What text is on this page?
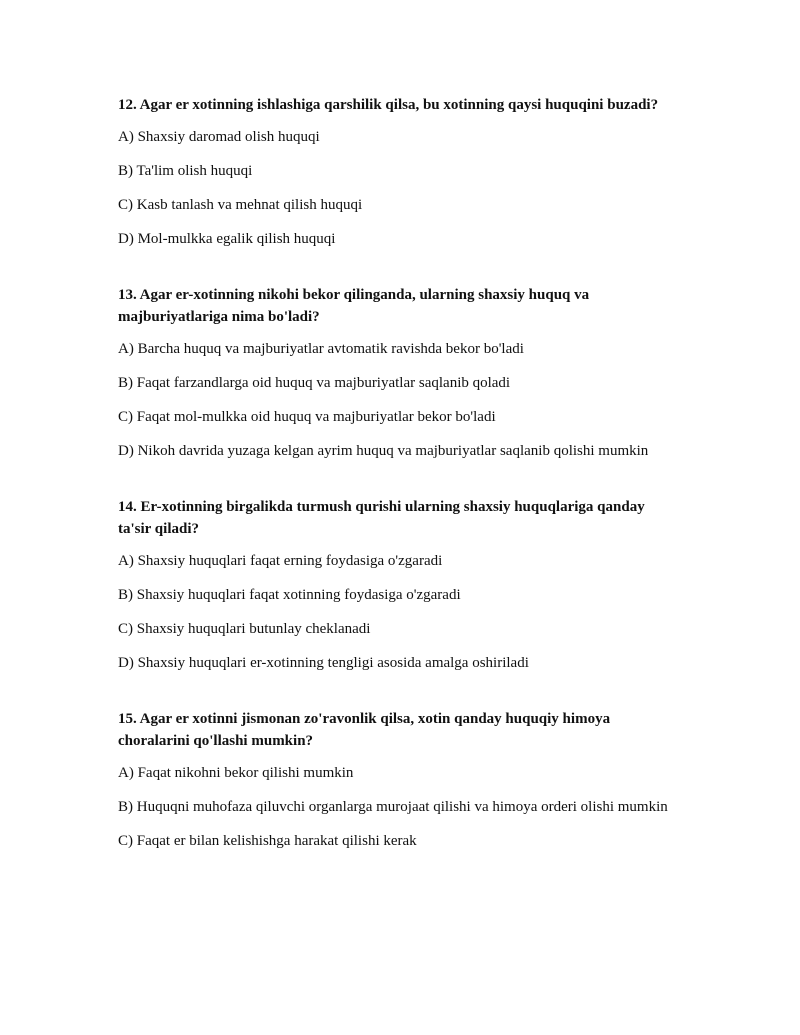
12. Agar er xotinning ishlashiga qarshilik qilsa, bu xotinning qaysi huquqini buzadi?

A) Shaxsiy daromad olish huquqi

B) Ta'lim olish huquqi

C) Kasb tanlash va mehnat qilish huquqi

D) Mol-mulkka egalik qilish huquqi

13. Agar er-xotinning nikohi bekor qilinganda, ularning shaxsiy huquq va majburiyatlariga nima bo'ladi?

A) Barcha huquq va majburiyatlar avtomatik ravishda bekor bo'ladi

B) Faqat farzandlarga oid huquq va majburiyatlar saqlanib qoladi

C) Faqat mol-mulkka oid huquq va majburiyatlar bekor bo'ladi

D) Nikoh davrida yuzaga kelgan ayrim huquq va majburiyatlar saqlanib qolishi mumkin

14. Er-xotinning birgalikda turmush qurishi ularning shaxsiy huquqlariga qanday ta'sir qiladi?

A) Shaxsiy huquqlari faqat erning foydasiga o'zgaradi

B) Shaxsiy huquqlari faqat xotinning foydasiga o'zgaradi

C) Shaxsiy huquqlari butunlay cheklanadi

D) Shaxsiy huquqlari er-xotinning tengligi asosida amalga oshiriladi

15. Agar er xotinni jismonan zo'ravonlik qilsa, xotin qanday huquqiy himoya choralarini qo'llashi mumkin?

A) Faqat nikohni bekor qilishi mumkin

B) Huquqni muhofaza qiluvchi organlarga murojaat qilishi va himoya orderi olishi mumkin

C) Faqat er bilan kelishishga harakat qilishi kerak
